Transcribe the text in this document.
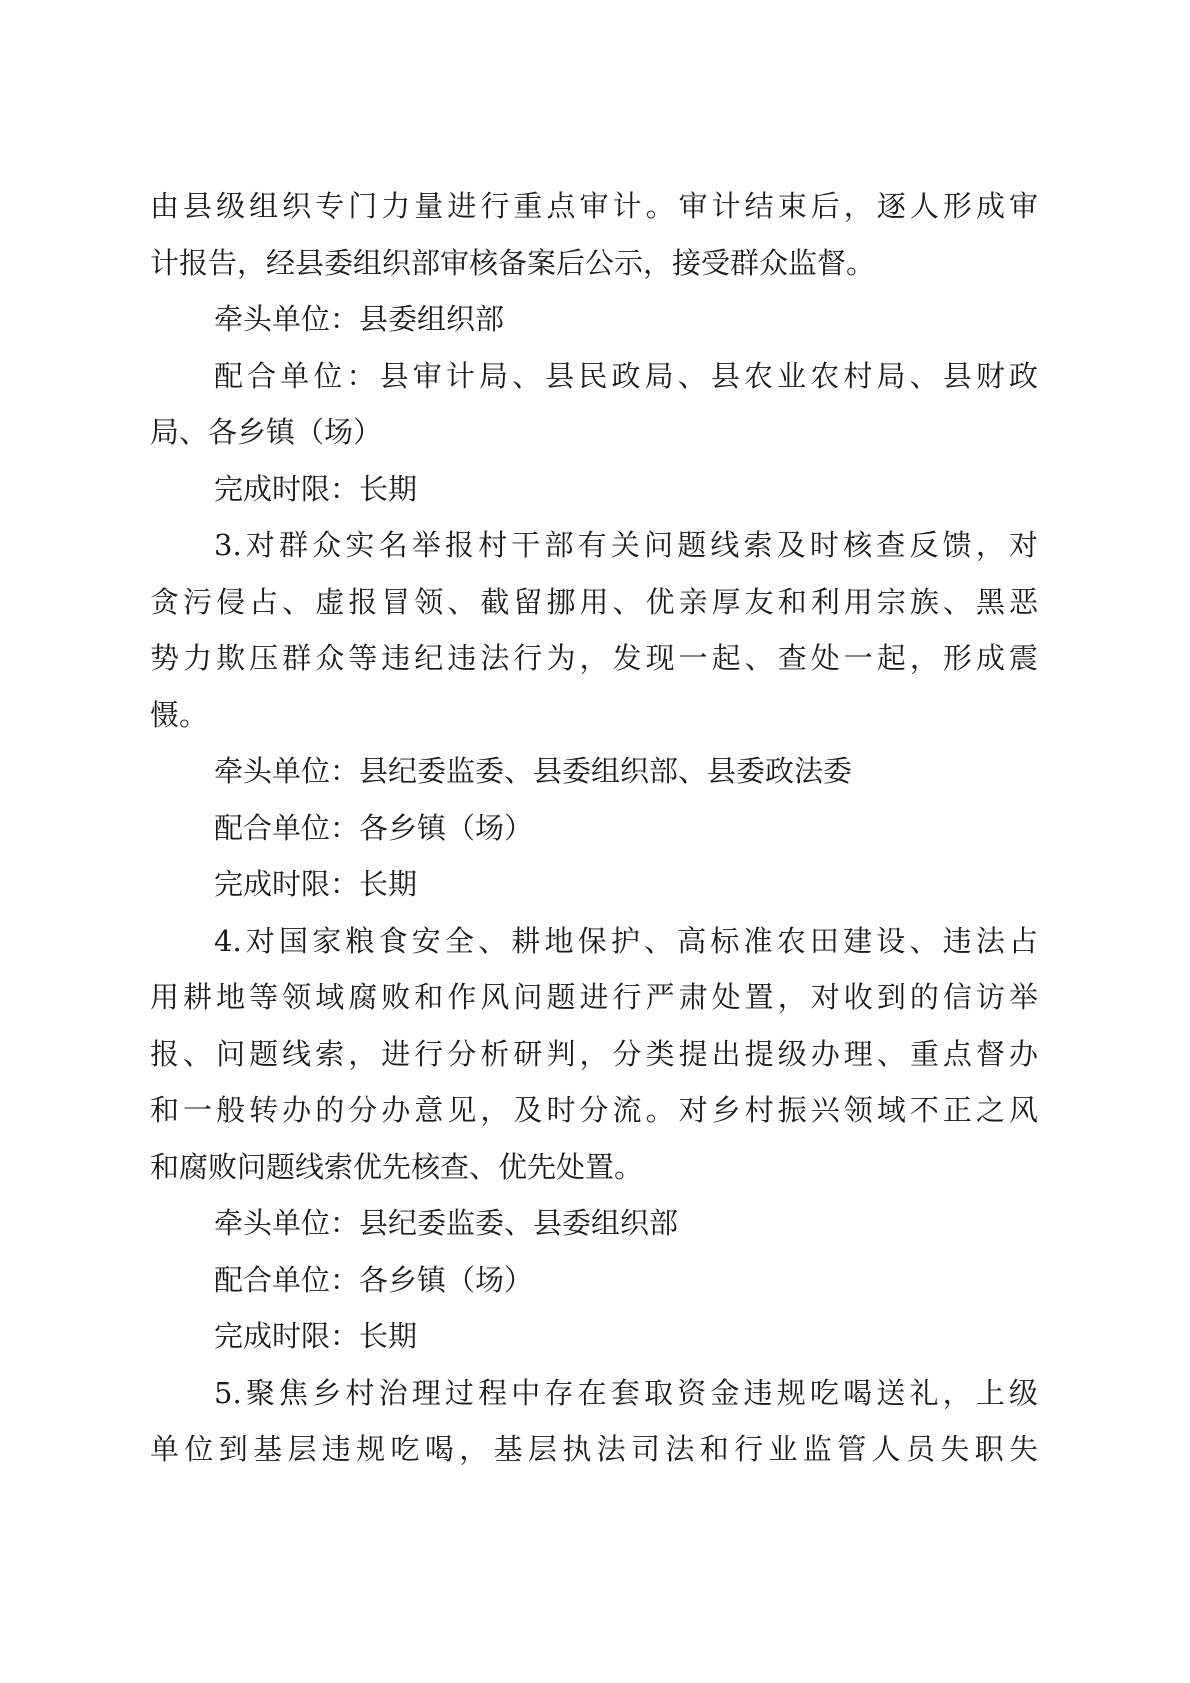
由县级组织专门力量进行重点审计。审计结束后，逐人形成审
计报告，经县委组织部审核备案后公示，接受群众监督。
牵头单位：县委组织部
配合单位：县审计局、县民政局、县农业农村局、县财政
局、各乡镇（场）
完成时限：长期
3.对群众实名举报村干部有关问题线索及时核查反馈，对
贪污侵占、虚报冒领、截留挪用、优亲厚友和利用宗族、黑恶
势力欺压群众等违纪违法行为，发现一起、查处一起，形成震
慑。
牵头单位：县纪委监委、县委组织部、县委政法委
配合单位：各乡镇（场）
完成时限：长期
4.对国家粮食安全、耕地保护、高标准农田建设、违法占
用耕地等领域腐败和作风问题进行严肃处置，对收到的信访举
报、问题线索，进行分析研判，分类提出提级办理、重点督办
和一般转办的分办意见，及时分流。对乡村振兴领域不正之风
和腐败问题线索优先核查、优先处置。
牵头单位：县纪委监委、县委组织部
配合单位：各乡镇（场）
完成时限：长期
5.聚焦乡村治理过程中存在套取资金违规吃喝送礼，上级
单位到基层违规吃喝，基层执法司法和行业监管人员失职失
